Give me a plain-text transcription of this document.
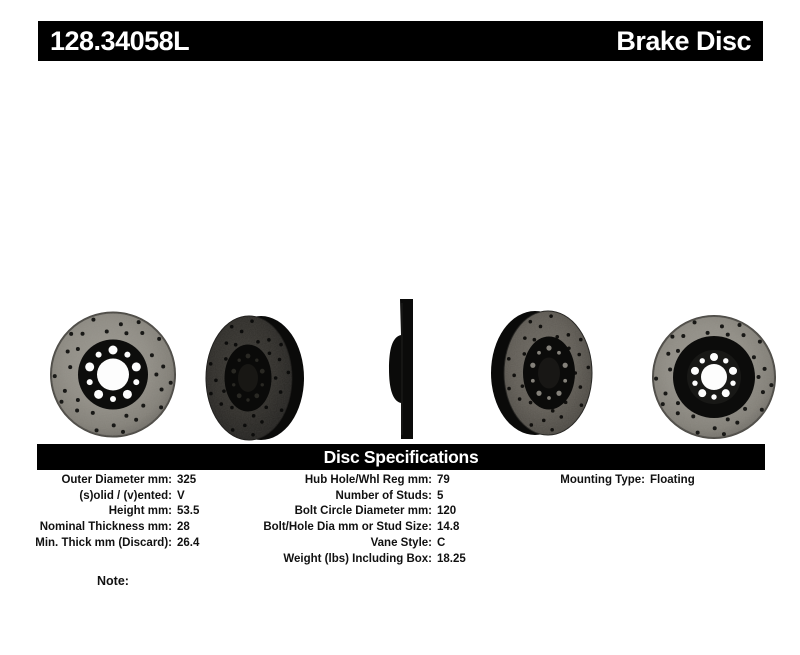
128.34058L	Brake Disc
Disc Specifications
Outer Diameter mm: 325
(s)olid / (v)ented: V
Height mm: 53.5
Nominal Thickness mm: 28
Min. Thick mm (Discard): 26.4
Hub Hole/Whl Reg mm: 79
Number of Studs: 5
Bolt Circle Diameter mm: 120
Bolt/Hole Dia mm or Stud Size: 14.8
Vane Style: C
Weight (lbs) Including Box: 18.25
Mounting Type: Floating
Note:
